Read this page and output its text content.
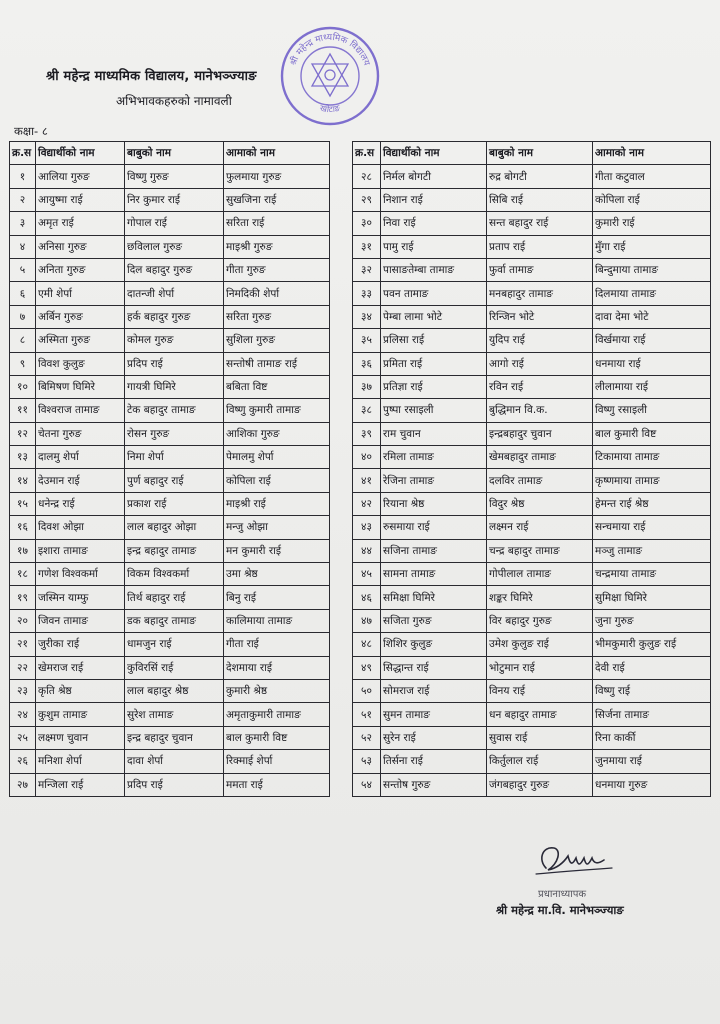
श्री महेन्द्र माध्यमिक विद्यालय, मानेभञ्ज्याङ
अभिभावकहरुको नामावली
कक्षा- ८
श्री महेन्द्र माध्यमिक विद्यालय
खोटाङ
क्र.स	विद्यार्थीको नाम	बाबुको नाम	आमाको नाम
१	आलिया गुरुङ	विष्णु गुरुङ	फुलमाया गुरुङ
२	आयुष्मा राई	निर कुमार राई	सुखजिना राई
३	अमृत राई	गोपाल राई	सरिता राई
४	अनिसा गुरुङ	छविलाल गुरुङ	माइश्री गुरुङ
५	अनिता गुरुङ	दिल बहादुर गुरुङ	गीता गुरुङ
६	एमी शेर्पा	दातन्जी शेर्पा	निमदिकी शेर्पा
७	अर्बिन गुरुङ	हर्क बहादुर गुरुङ	सरिता गुरुङ
८	अस्मिता गुरुङ	कोमल गुरुङ	सुशिला गुरुङ
९	विवश कुलुङ	प्रदिप राई	सन्तोषी तामाङ राई
१०	बिमिषण घिमिरे	गायत्री घिमिरे	बबिता विष्ट
११	विश्वराज तामाङ	टेक बहादुर तामाङ	विष्णु कुमारी तामाङ
१२	चेतना गुरुङ	रोसन गुरुङ	आशिका गुरुङ
१३	दालमु शेर्पा	निमा शेर्पा	पेमालमु शेर्पा
१४	देउमान राई	पुर्ण बहादुर राई	कोपिला राई
१५	धनेन्द्र राई	प्रकाश राई	माइश्री राई
१६	दिवश ओझा	लाल बहादुर ओझा	मन्जु ओझा
१७	इशारा तामाङ	इन्द्र बहादुर तामाङ	मन कुमारी राई
१८	गणेश विश्वकर्मा	विकम विश्वकर्मा	उमा श्रेष्ठ
१९	जस्मिन याम्फु	तिर्थ बहादुर राई	बिनु राई
२०	जिवन तामाङ	डक बहादुर तामाङ	कालिमाया तामाङ
२१	जुरीका राई	धामजुन राई	गीता राई
२२	खेमराज राई	कुविरसिं राई	देशमाया राई
२३	कृति श्रेष्ठ	लाल बहादुर श्रेष्ठ	कुमारी श्रेष्ठ
२४	कुशुम तामाङ	सुरेश तामाङ	अमृताकुमारी तामाङ
२५	लक्ष्मण चुवान	इन्द्र बहादुर चुवान	बाल कुमारी विष्ट
२६	मनिशा शेर्पा	दावा शेर्पा	रिक्माई शेर्पा
२७	मन्जिला राई	प्रदिप राई	ममता राई
क्र.स	विद्यार्थीको नाम	बाबुको नाम	आमाको नाम
२८	निर्मल बोगटी	रुद्र बोगटी	गीता कटुवाल
२९	निशान राई	सिबि राई	कोपिला राई
३०	निवा राई	सन्त बहादुर राई	कुमारी राई
३१	पामु राई	प्रताप राई	मुँगा राई
३२	पासाङतेम्बा तामाङ	फुर्वा तामाङ	बिन्दुमाया तामाङ
३३	पवन तामाङ	मनबहादुर तामाङ	दिलमाया तामाङ
३४	पेम्बा लामा भोटे	रिन्जिन भोटे	दावा देमा भोटे
३५	प्रलिसा राई	युदिप राई	विर्खमाया राई
३६	प्रमिता राई	आगो राई	धनमाया राई
३७	प्रतिज्ञा राई	रविन राई	लीलामाया राई
३८	पुष्पा रसाइली	बुद्धिमान वि.क.	विष्णु रसाइली
३९	राम चुवान	इन्द्रबहादुर चुवान	बाल कुमारी विष्ट
४०	रमिला तामाङ	खेमबहादुर तामाङ	टिकामाया तामाङ
४१	रेजिना तामाङ	दलविर तामाङ	कृष्णमाया तामाङ
४२	रियाना श्रेष्ठ	विदुर श्रेष्ठ	हेमन्त राई श्रेष्ठ
४३	रुसमाया राई	लक्ष्मन राई	सन्चमाया राई
४४	सजिना तामाङ	चन्द्र बहादुर तामाङ	मञ्जु तामाङ
४५	सामना तामाङ	गोपीलाल तामाङ	चन्द्रमाया तामाङ
४६	समिक्षा घिमिरे	शङ्कर घिमिरे	सुमिक्षा घिमिरे
४७	सजिता गुरुङ	विर बहादुर गुरुङ	जुना गुरुङ
४८	शिशिर कुलुङ	उमेश कुलुङ राई	भीमकुमारी कुलुङ राई
४९	सिद्धान्त राई	भोटुमान राई	देवी राई
५०	सोमराज राई	विनय राई	विष्णु राई
५१	सुमन तामाङ	धन बहादुर तामाङ	सिर्जना तामाङ
५२	सुरेन राई	सुवास राई	रिना कार्की
५३	तिर्सना राई	किर्तुलाल राई	जुनमाया राई
५४	सन्तोष गुरुङ	जंगबहादुर गुरुङ	धनमाया गुरुङ
प्रधानाध्यापक
श्री महेन्द्र मा.वि. मानेभञ्ज्याङ
